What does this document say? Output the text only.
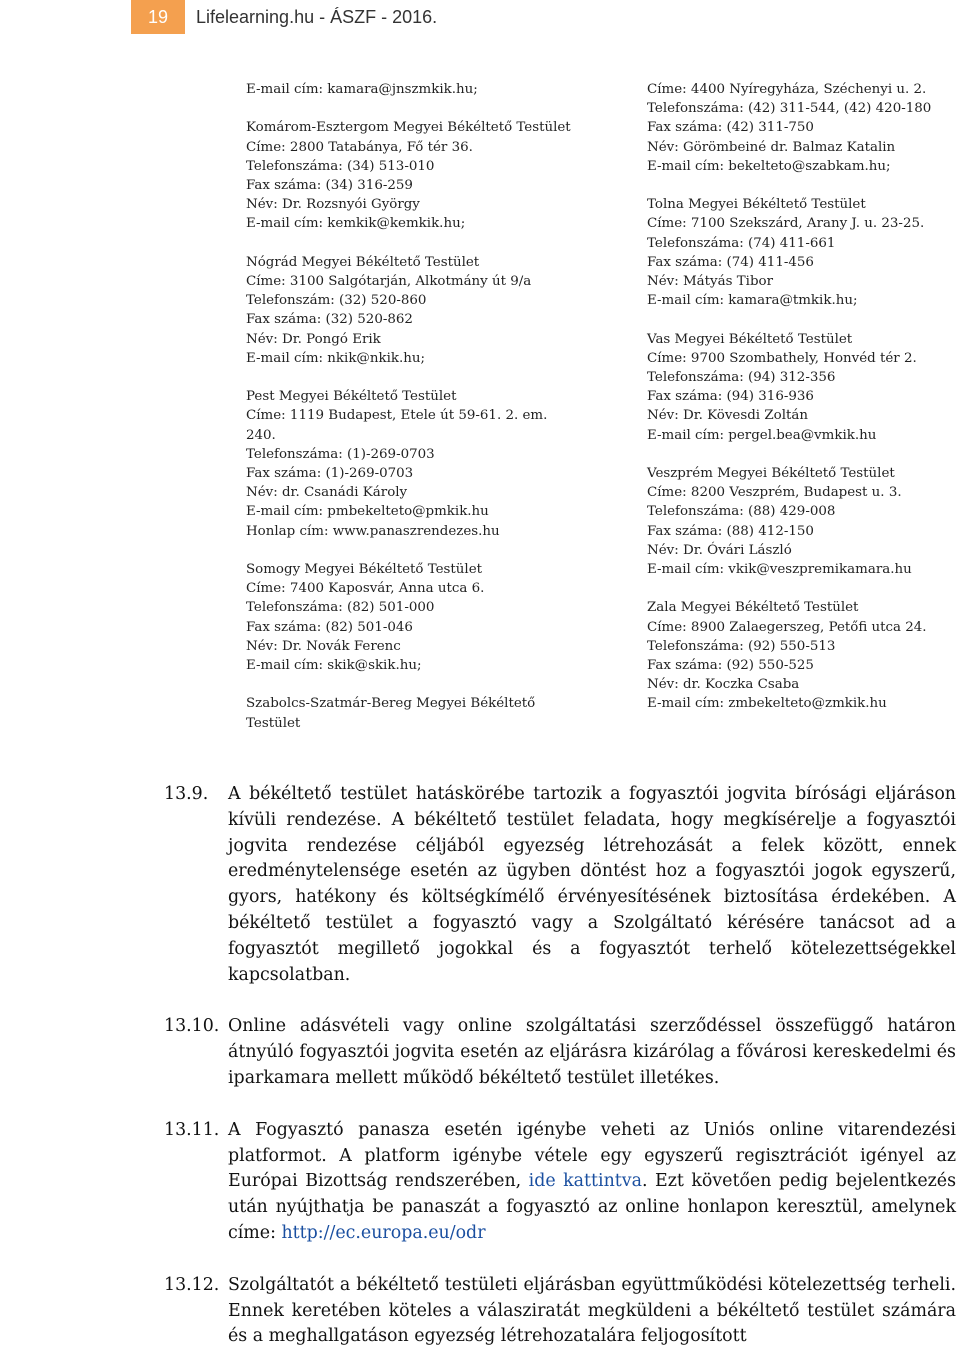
19	Lifelearning.hu - ÁSZF - 2016.
E-mail cím: kamara@jnszmkik.hu;
Komárom-Esztergom Megyei Békéltető Testület
Címe: 2800 Tatabánya, Fő tér 36.
Telefonszáma: (34) 513-010
Fax száma: (34) 316-259
Név: Dr. Rozsnyói György
E-mail cím: kemkik@kemkik.hu;
Nógrád Megyei Békéltető Testület
Címe: 3100 Salgótarján, Alkotmány út 9/a
Telefonszám: (32) 520-860
Fax száma: (32) 520-862
Név: Dr. Pongó Erik
E-mail cím: nkik@nkik.hu;
Pest Megyei Békéltető Testület
Címe: 1119 Budapest, Etele út 59-61. 2. em. 240.
Telefonszáma: (1)-269-0703
Fax száma: (1)-269-0703
Név: dr. Csanádi Károly
E-mail cím: pmbekelteto@pmkik.hu
Honlap cím: www.panaszrendezes.hu
Somogy Megyei Békéltető Testület
Címe: 7400 Kaposvár, Anna utca 6.
Telefonszáma: (82) 501-000
Fax száma: (82) 501-046
Név: Dr. Novák Ferenc
E-mail cím: skik@skik.hu;
Szabolcs-Szatmár-Bereg Megyei Békéltető Testület
Címe: 4400 Nyíregyháza, Széchenyi u. 2.
Telefonszáma: (42) 311-544, (42) 420-180
Fax száma: (42) 311-750
Név: Görömbeiné dr. Balmaz Katalin
E-mail cím: bekelteto@szabkam.hu;
Tolna Megyei Békéltető Testület
Címe: 7100 Szekszárd, Arany J. u. 23-25.
Telefonszáma: (74) 411-661
Fax száma: (74) 411-456
Név: Mátyás Tibor
E-mail cím: kamara@tmkik.hu;
Vas Megyei Békéltető Testület
Címe: 9700 Szombathely, Honvéd tér 2.
Telefonszáma: (94) 312-356
Fax száma: (94) 316-936
Név: Dr. Kövesdi Zoltán
E-mail cím: pergel.bea@vmkik.hu
Veszprém Megyei Békéltető Testület
Címe: 8200 Veszprém, Budapest u. 3.
Telefonszáma: (88) 429-008
Fax száma: (88) 412-150
Név: Dr. Óvári László
E-mail cím: vkik@veszpremikamara.hu
Zala Megyei Békéltető Testület
Címe: 8900 Zalaegerszeg, Petőfi utca 24.
Telefonszáma: (92) 550-513
Fax száma: (92) 550-525
Név: dr. Koczka Csaba
E-mail cím: zmbekelteto@zmkik.hu
13.9.	A békéltető testület hatáskörébe tartozik a fogyasztói jogvita bírósági eljáráson kívüli rendezése. A békéltető testület feladata, hogy megkísérelje a fogyasztói jogvita rendezése céljából egyezség létrehozását a felek között, ennek eredménytelensége esetén az ügyben döntést hoz a fogyasztói jogok egyszerű, gyors, hatékony és költségkímélő érvényesítésének biztosítása érdekében. A békéltető testület a fogyasztó vagy a Szolgáltató kérésére tanácsot ad a fogyasztót megillető jogokkal és a fogyasztót terhelő kötelezettségekkel kapcsolatban.
13.10. Online adásvételi vagy online szolgáltatási szerződéssel összefüggő határon átnyúló fogyasztói jogvita esetén az eljárásra kizárólag a fővárosi kereskedelmi és iparkamara mellett működő békéltető testület illetékes.
13.11. A Fogyasztó panasza esetén igénybe veheti az Uniós online vitarendezési platformot. A platform igénybe vétele egy egyszerű regisztrációt igényel az Európai Bizottság rendszerében, ide kattintva. Ezt követően pedig bejelentkezés után nyújthatja be panaszát a fogyasztó az online honlapon keresztül, amelynek címe: http://ec.europa.eu/odr
13.12. Szolgáltatót a békéltető testületi eljárásban együttműködési kötelezettség terheli. Ennek keretében köteles a válasziratát megküldeni a békéltető testület számára és a meghallgatáson egyezség létrehozatalára feljogosított
